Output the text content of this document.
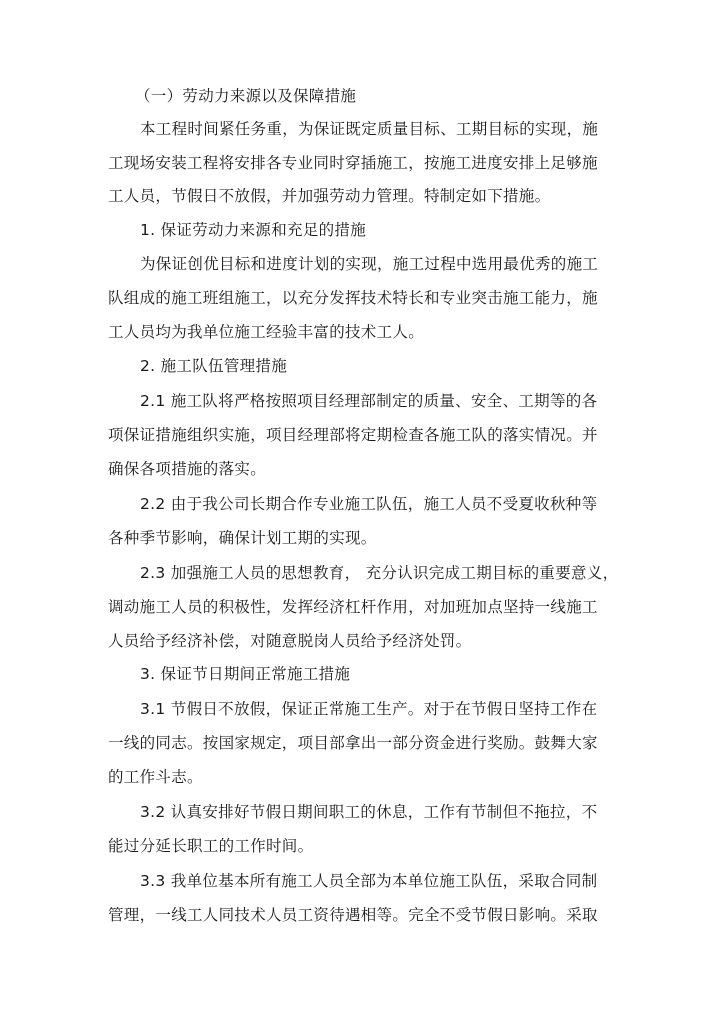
（一）劳动力来源以及保障措施
本工程时间紧任务重，为保证既定质量目标、工期目标的实现，施
工现场安装工程将安排各专业同时穿插施工，按施工进度安排上足够施
工人员，节假日不放假，并加强劳动力管理。特制定如下措施。
1. 保证劳动力来源和充足的措施
为保证创优目标和进度计划的实现，施工过程中选用最优秀的施工
队组成的施工班组施工，以充分发挥技术特长和专业突击施工能力，施
工人员均为我单位施工经验丰富的技术工人。
2. 施工队伍管理措施
2.1 施工队将严格按照项目经理部制定的质量、安全、工期等的各
项保证措施组织实施，项目经理部将定期检查各施工队的落实情况。并
确保各项措施的落实。
2.2 由于我公司长期合作专业施工队伍，施工人员不受夏收秋种等
各种季节影响，确保计划工期的实现。
2.3 加强施工人员的思想教育， 充分认识完成工期目标的重要意义，
调动施工人员的积极性，发挥经济杠杆作用，对加班加点坚持一线施工
人员给予经济补偿，对随意脱岗人员给予经济处罚。
3. 保证节日期间正常施工措施
3.1 节假日不放假，保证正常施工生产。对于在节假日坚持工作在
一线的同志。按国家规定，项目部拿出一部分资金进行奖励。鼓舞大家
的工作斗志。
3.2 认真安排好节假日期间职工的休息，工作有节制但不拖拉，不
能过分延长职工的工作时间。
3.3 我单位基本所有施工人员全部为本单位施工队伍，采取合同制
管理，一线工人同技术人员工资待遇相等。完全不受节假日影响。采取
